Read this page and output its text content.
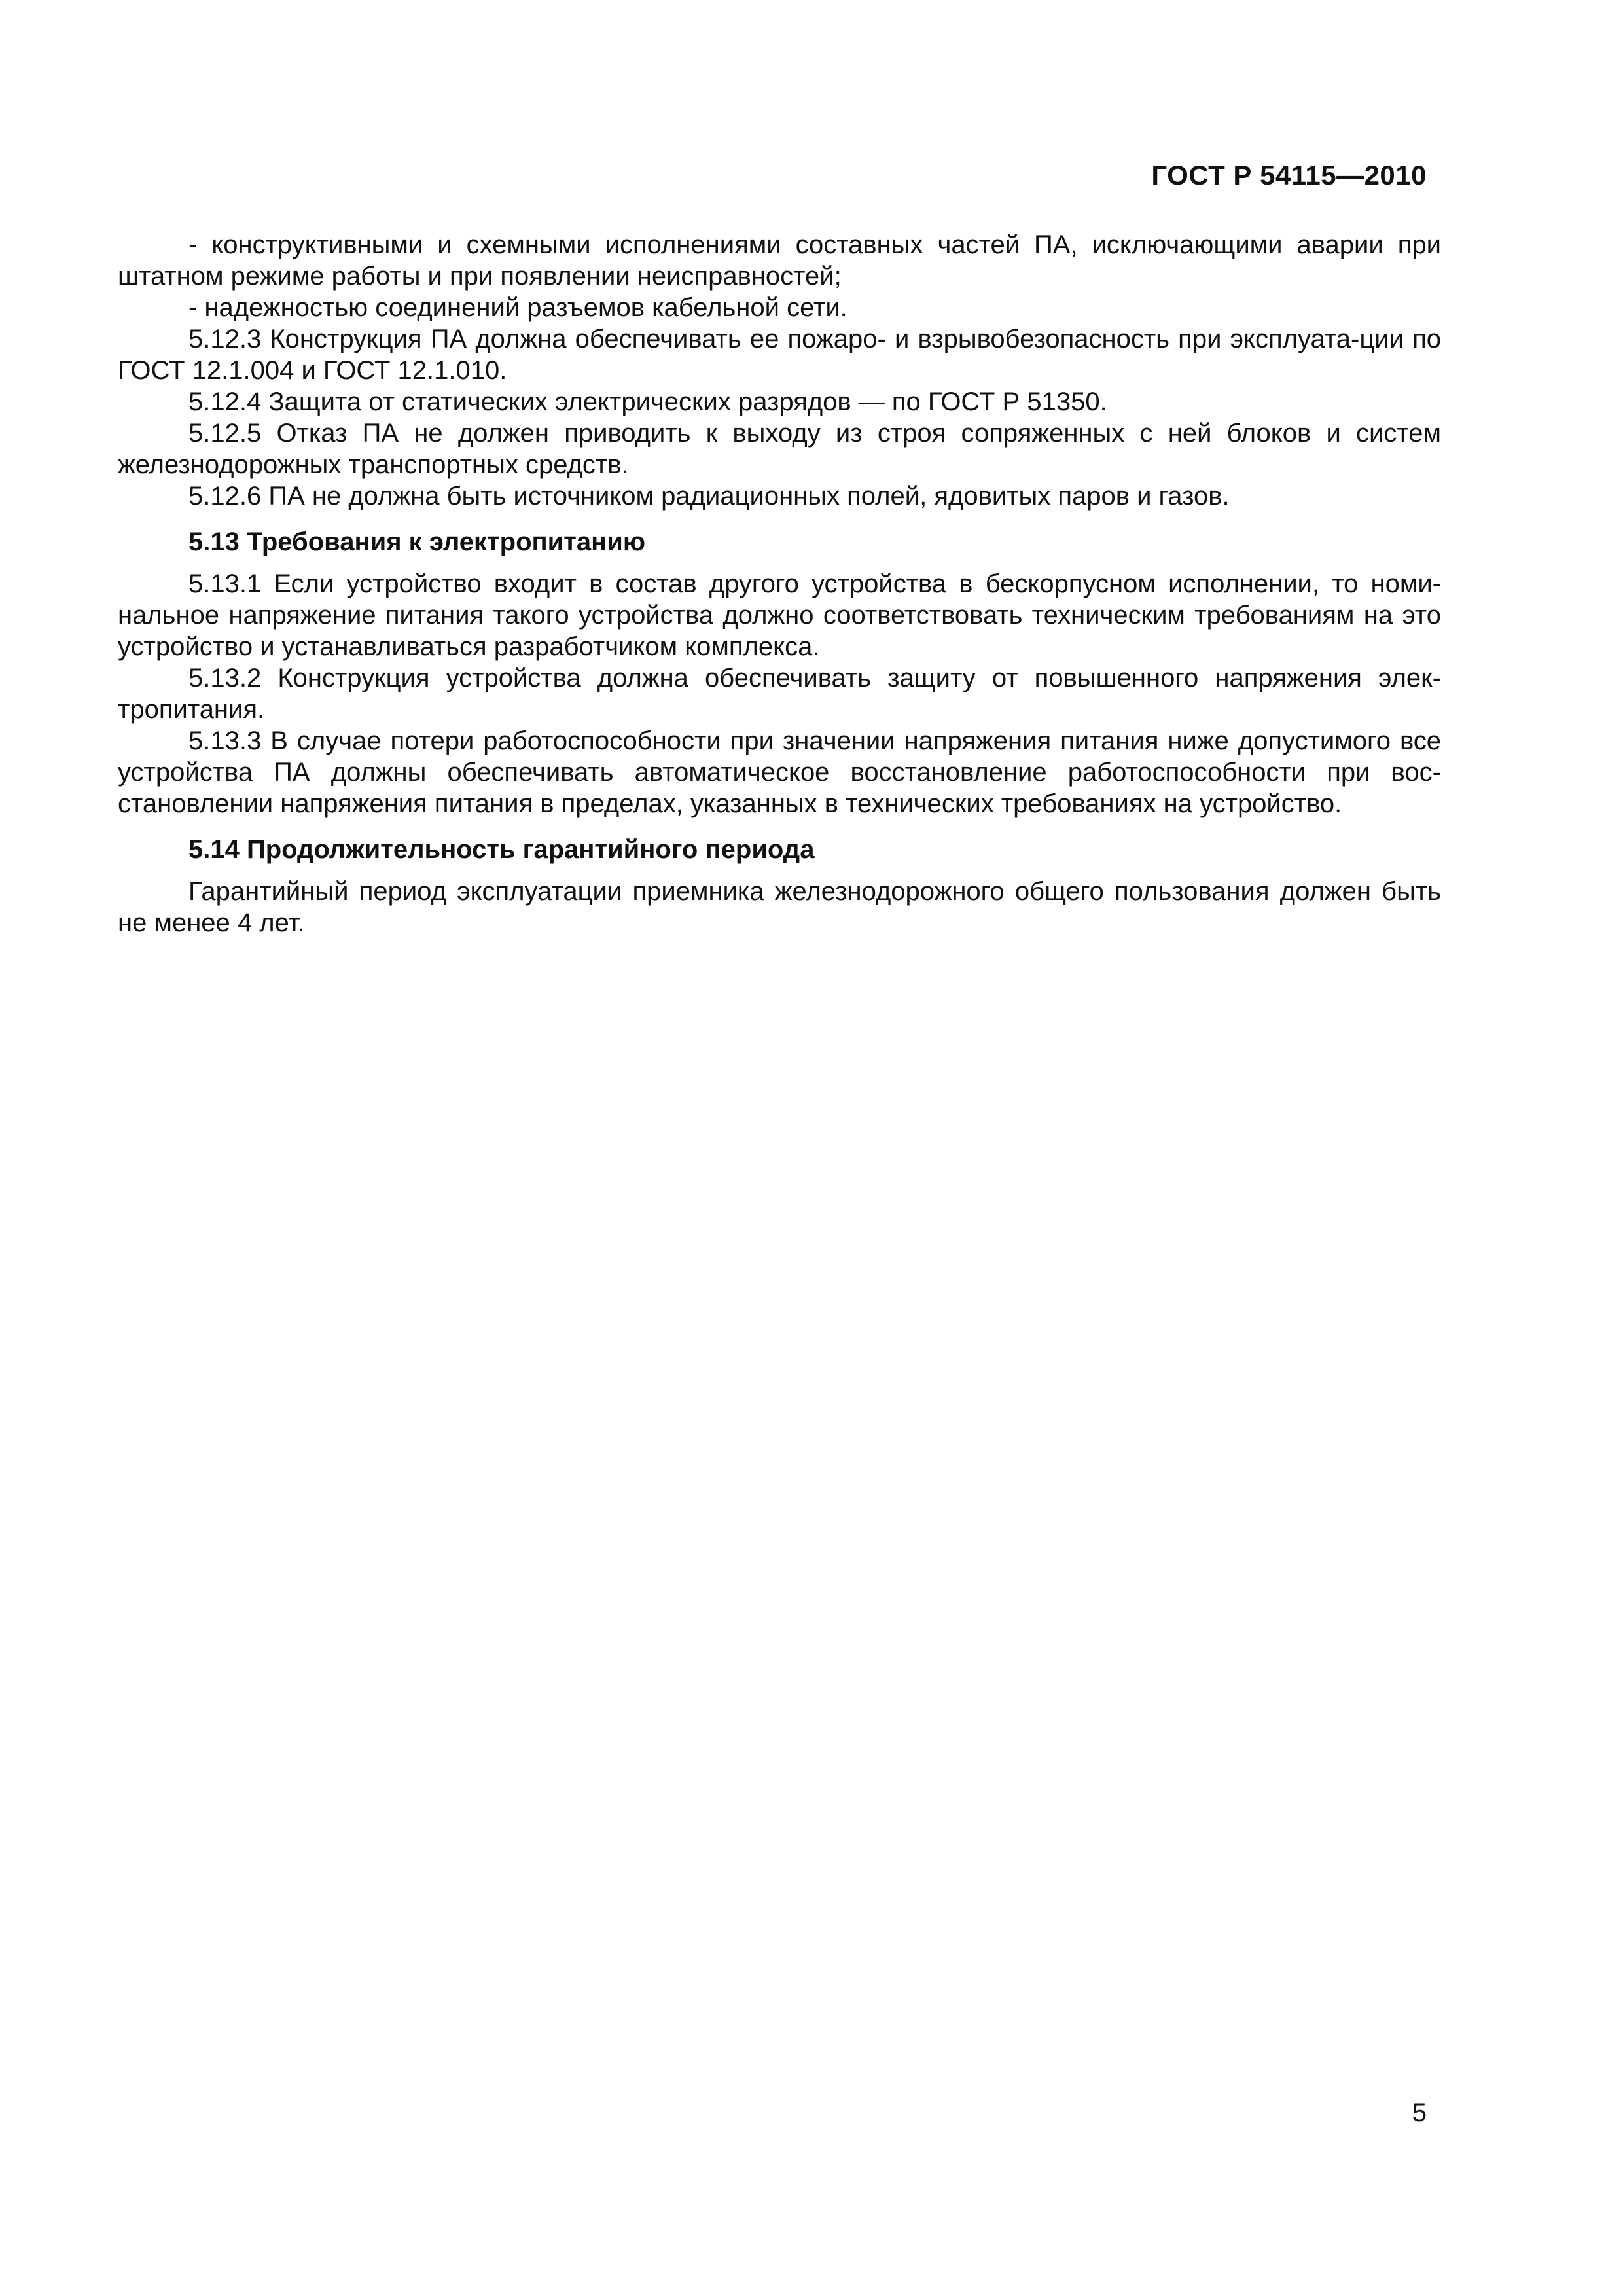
ГОСТ Р 54115—2010

- конструктивными и схемными исполнениями составных частей ПА, исключающими аварии при штатном режиме работы и при появлении неисправностей;

- надежностью соединений разъемов кабельной сети.

5.12.3 Конструкция ПА должна обеспечивать ее пожаро- и взрывобезопасность при эксплуата-ции по ГОСТ 12.1.004 и ГОСТ 12.1.010.

5.12.4 Защита от статических электрических разрядов — по ГОСТ Р 51350.

5.12.5 Отказ ПА не должен приводить к выходу из строя сопряженных с ней блоков и систем железнодорожных транспортных средств.

5.12.6 ПА не должна быть источником радиационных полей, ядовитых паров и газов.

5.13 Требования к электропитанию

5.13.1 Если устройство входит в состав другого устройства в бескорпусном исполнении, то номи-нальное напряжение питания такого устройства должно соответствовать техническим требованиям на это устройство и устанавливаться разработчиком комплекса.

5.13.2 Конструкция устройства должна обеспечивать защиту от повышенного напряжения элек-тропитания.

5.13.3 В случае потери работоспособности при значении напряжения питания ниже допустимого все устройства ПА должны обеспечивать автоматическое восстановление работоспособности при вос-становлении напряжения питания в пределах, указанных в технических требованиях на устройство.

5.14 Продолжительность гарантийного периода

Гарантийный период эксплуатации приемника железнодорожного общего пользования должен быть не менее 4 лет.

5
